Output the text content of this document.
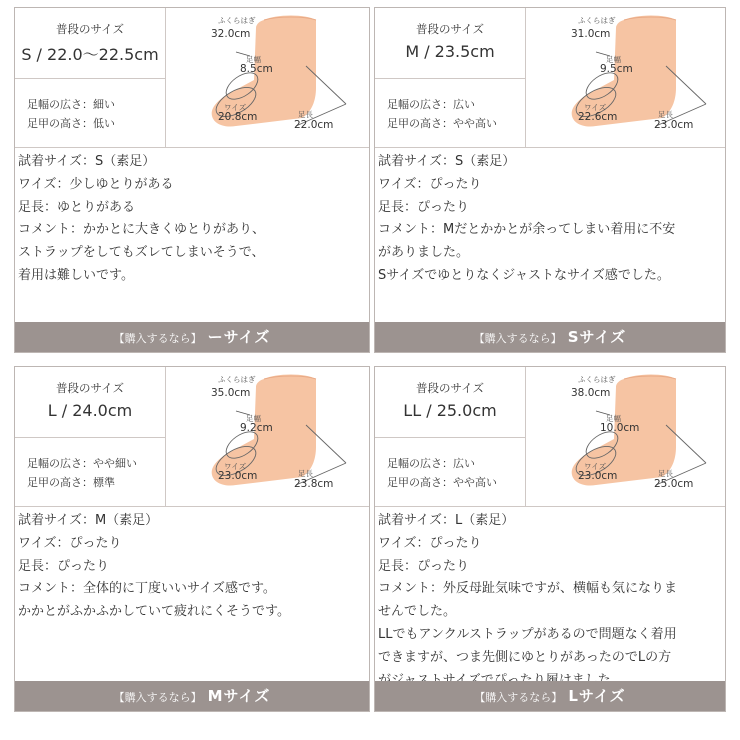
普段のサイズ
S / 22.0〜22.5cm
足幅の広さ：細い
足甲の高さ：低い
ふくらはぎ
32.0cm
足幅
8.5cm
ワイズ
20.8cm	足長
22.0cm
試着サイズ：S（素足）
ワイズ：少しゆとりがある
足長：ゆとりがある
コメント：かかとに大きくゆとりがあり、
ストラップをしてもズレてしまいそうで、
着用は難しいです。
【購入するなら】 ーサイズ
普段のサイズ
M / 23.5cm
足幅の広さ：広い
足甲の高さ：やや高い
ふくらはぎ
31.0cm
足幅
9.5cm
ワイズ
22.6cm	足長
23.0cm
試着サイズ：S（素足）
ワイズ：ぴったり
足長：ぴったり
コメント：Mだとかかとが余ってしまい着用に不安
がありました。
Sサイズでゆとりなくジャストなサイズ感でした。
【購入するなら】 Sサイズ
普段のサイズ
L / 24.0cm
足幅の広さ：やや細い
足甲の高さ：標準
ふくらはぎ
35.0cm
足幅
9.2cm
ワイズ
23.0cm	足長
23.8cm
試着サイズ：M（素足）
ワイズ：ぴったり
足長：ぴったり
コメント：全体的に丁度いいサイズ感です。
かかとがふかふかしていて疲れにくそうです。
【購入するなら】 Mサイズ
普段のサイズ
LL / 25.0cm
足幅の広さ：広い
足甲の高さ：やや高い
ふくらはぎ
38.0cm
足幅
10.0cm
ワイズ
23.0cm	足長
25.0cm
試着サイズ：L（素足）
ワイズ：ぴったり
足長：ぴったり
コメント：外反母趾気味ですが、横幅も気になりま
せんでした。
LLでもアンクルストラップがあるので問題なく着用
できますが、つま先側にゆとりがあったのでLの方
【購入するなら】 Lサイズ
